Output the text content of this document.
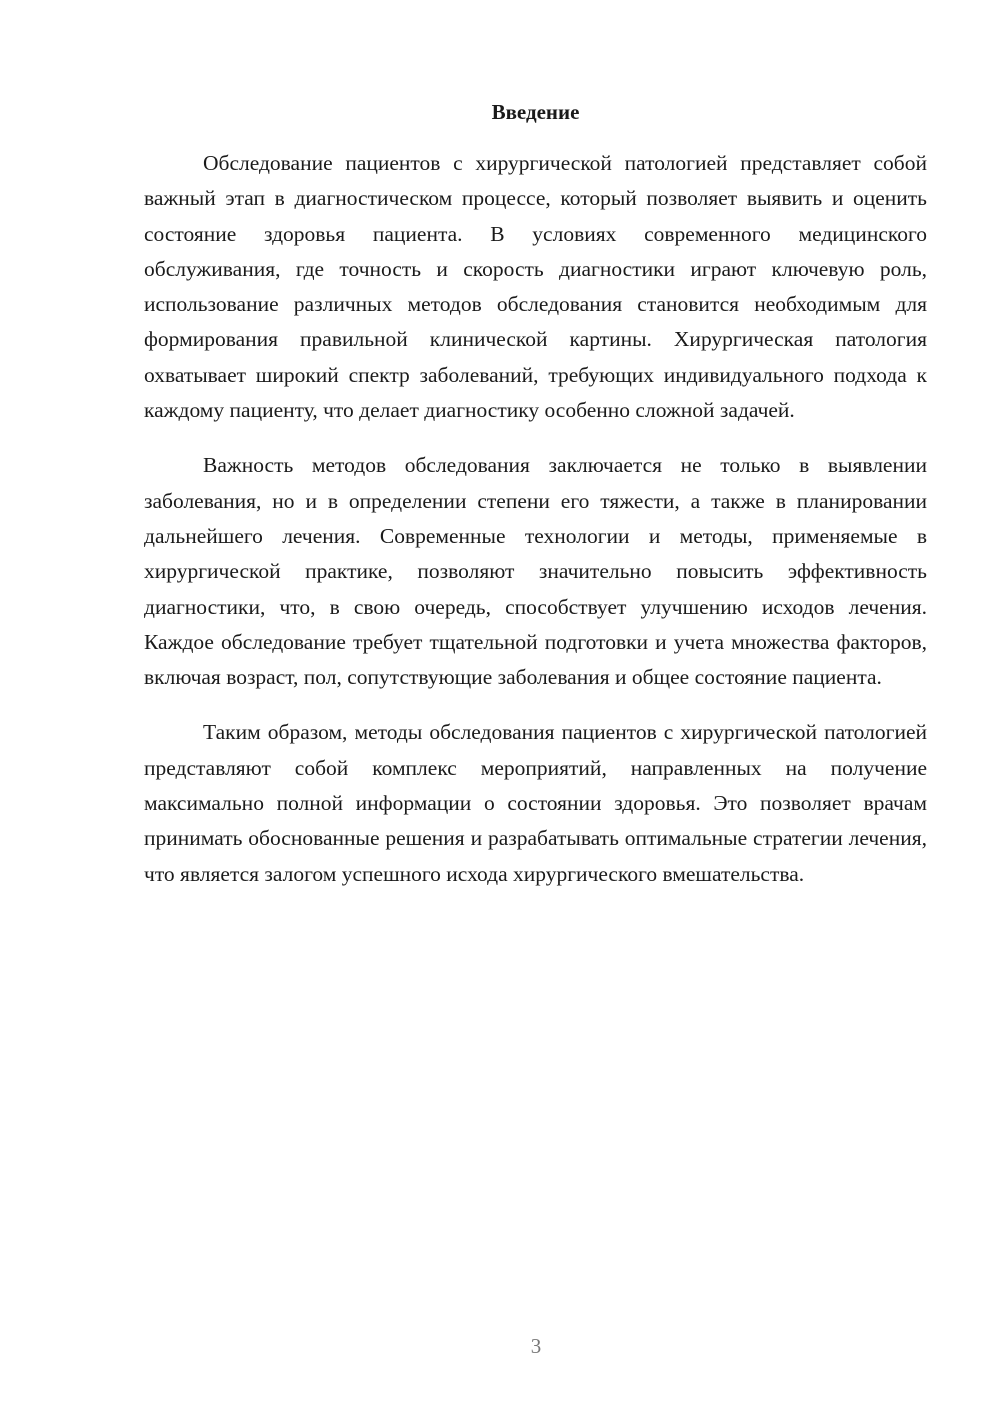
Введение

Обследование пациентов с хирургической патологией представляет собой важный этап в диагностическом процессе, который позволяет выявить и оценить состояние здоровья пациента. В условиях современного медицинского обслуживания, где точность и скорость диагностики играют ключевую роль, использование различных методов обследования становится необходимым для формирования правильной клинической картины. Хирургическая патология охватывает широкий спектр заболеваний, требующих индивидуального подхода к каждому пациенту, что делает диагностику особенно сложной задачей.

Важность методов обследования заключается не только в выявлении заболевания, но и в определении степени его тяжести, а также в планировании дальнейшего лечения. Современные технологии и методы, применяемые в хирургической практике, позволяют значительно повысить эффективность диагностики, что, в свою очередь, способствует улучшению исходов лечения. Каждое обследование требует тщательной подготовки и учета множества факторов, включая возраст, пол, сопутствующие заболевания и общее состояние пациента.

Таким образом, методы обследования пациентов с хирургической патологией представляют собой комплекс мероприятий, направленных на получение максимально полной информации о состоянии здоровья. Это позволяет врачам принимать обоснованные решения и разрабатывать оптимальные стратегии лечения, что является залогом успешного исхода хирургического вмешательства.

3
